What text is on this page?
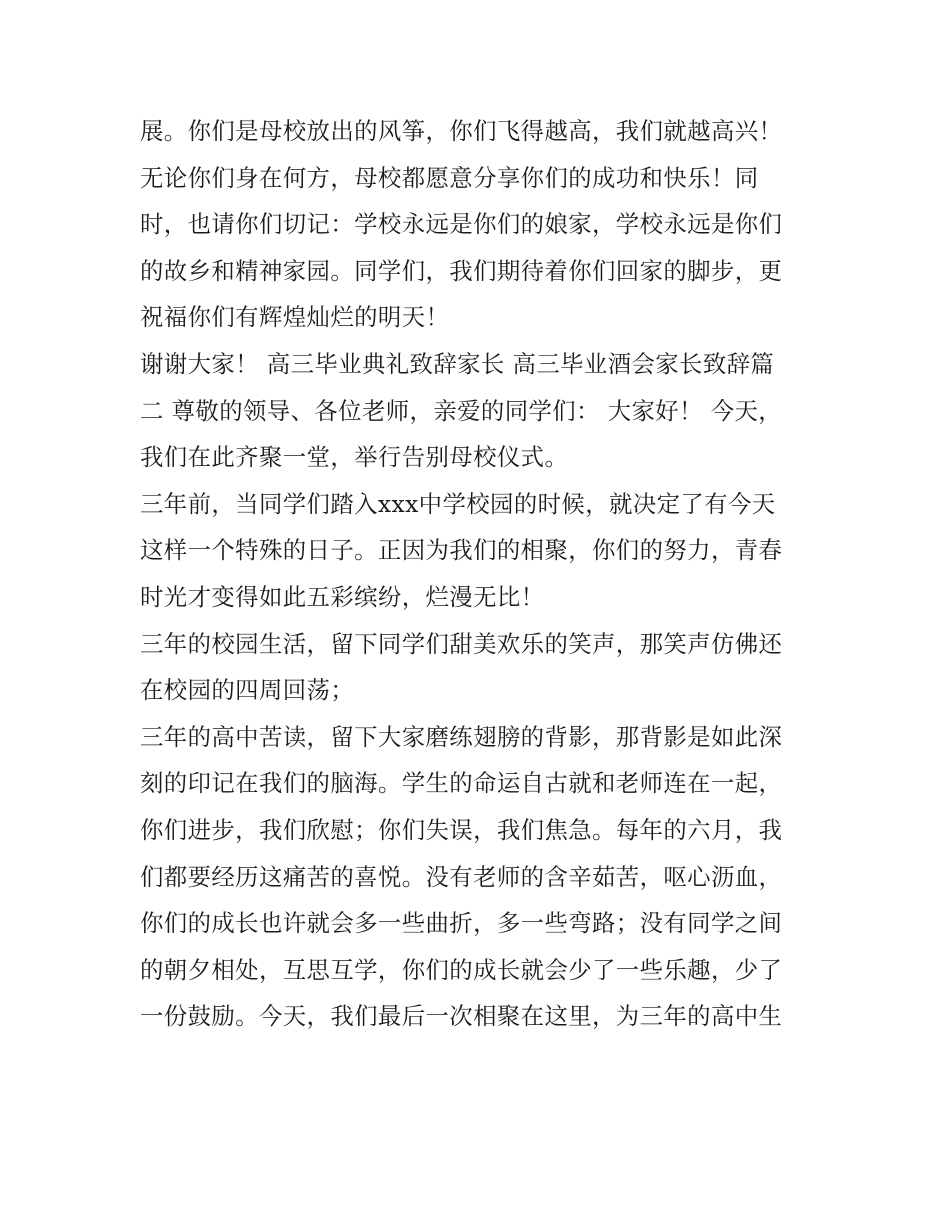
展。你们是母校放出的风筝，你们飞得越高，我们就越高兴！
无论你们身在何方，母校都愿意分享你们的成功和快乐！同
时，也请你们切记：学校永远是你们的娘家，学校永远是你们
的故乡和精神家园。同学们，我们期待着你们回家的脚步，更
祝福你们有辉煌灿烂的明天！
谢谢大家！ 高三毕业典礼致辞家长 高三毕业酒会家长致辞篇
二 尊敬的领导、各位老师，亲爱的同学们： 大家好！ 今天，
我们在此齐聚一堂，举行告别母校仪式。
三年前，当同学们踏入xxx中学校园的时候，就决定了有今天
这样一个特殊的日子。正因为我们的相聚，你们的努力，青春
时光才变得如此五彩缤纷，烂漫无比！
三年的校园生活，留下同学们甜美欢乐的笑声，那笑声仿佛还
在校园的四周回荡；
三年的高中苦读，留下大家磨练翅膀的背影，那背影是如此深
刻的印记在我们的脑海。学生的命运自古就和老师连在一起，
你们进步，我们欣慰；你们失误，我们焦急。每年的六月，我
们都要经历这痛苦的喜悦。没有老师的含辛茹苦，呕心沥血，
你们的成长也许就会多一些曲折，多一些弯路；没有同学之间
的朝夕相处，互思互学，你们的成长就会少了一些乐趣，少了
一份鼓励。今天，我们最后一次相聚在这里，为三年的高中生
